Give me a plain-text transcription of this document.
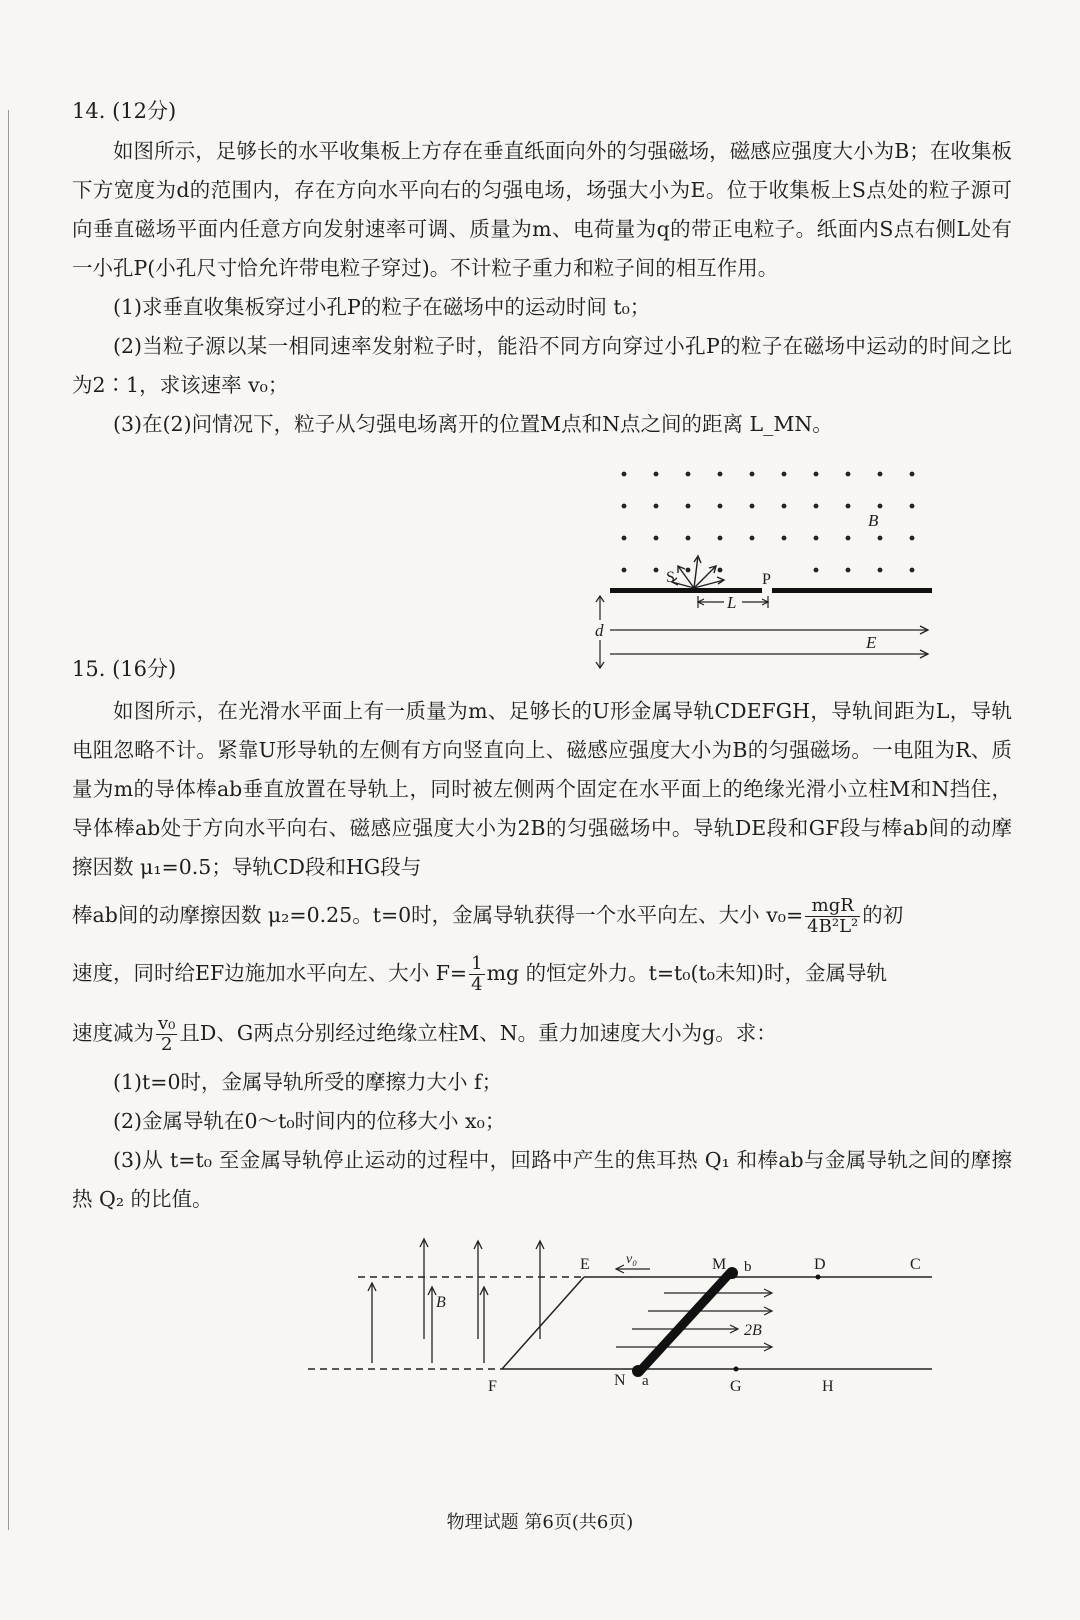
14. (12分)

如图所示，足够长的水平收集板上方存在垂直纸面向外的匀强磁场，磁感应强度大小为B；在收集板下方宽度为d的范围内，存在方向水平向右的匀强电场，场强大小为E。位于收集板上S点处的粒子源可向垂直磁场平面内任意方向发射速率可调、质量为m、电荷量为q的带正电粒子。纸面内S点右侧L处有一小孔P(小孔尺寸恰允许带电粒子穿过)。不计粒子重力和粒子间的相互作用。

(1)求垂直收集板穿过小孔P的粒子在磁场中的运动时间 t₀；

(2)当粒子源以某一相同速率发射粒子时，能沿不同方向穿过小孔P的粒子在磁场中运动的时间之比为2∶1，求该速率 v₀；

(3)在(2)问情况下，粒子从匀强电场离开的位置M点和N点之间的距离 L_MN。

B
S	P
L
E
d

15. (16分)

如图所示，在光滑水平面上有一质量为m、足够长的U形金属导轨CDEFGH，导轨间距为L，导轨电阻忽略不计。紧靠U形导轨的左侧有方向竖直向上、磁感应强度大小为B的匀强磁场。一电阻为R、质量为m的导体棒ab垂直放置在导轨上，同时被左侧两个固定在水平面上的绝缘光滑小立柱M和N挡住，导体棒ab处于方向水平向右、磁感应强度大小为2B的匀强磁场中。导轨DE段和GF段与棒ab间的动摩擦因数 μ₁=0.5；导轨CD段和HG段与

棒ab间的动摩擦因数 μ₂=0.25。t=0时，金属导轨获得一个水平向左、大小 $v_0= \frac{\text{mgR}}{\text{4B²L²}}$ 的初

速度，同时给EF边施加水平向左、大小 $F= \frac{1}{4}$ mg 的恒定外力。t=t₀(t₀未知)时，金属导轨

速度减为 $\frac{\text{v₀}}{2}$ 且D、G两点分别经过绝缘立柱M、N。重力加速度大小为g。求：

(1)t=0时，金属导轨所受的摩擦力大小 f；

(2)金属导轨在0～t₀时间内的位移大小 x₀；

(3)从 t=t₀ 至金属导轨停止运动的过程中，回路中产生的焦耳热 Q₁ 和棒ab与金属导轨之间的摩擦热 Q₂ 的比值。

B
2B
v₀
E	M b	D	C
F	N a	G	H
物理试题 第6页(共6页)
